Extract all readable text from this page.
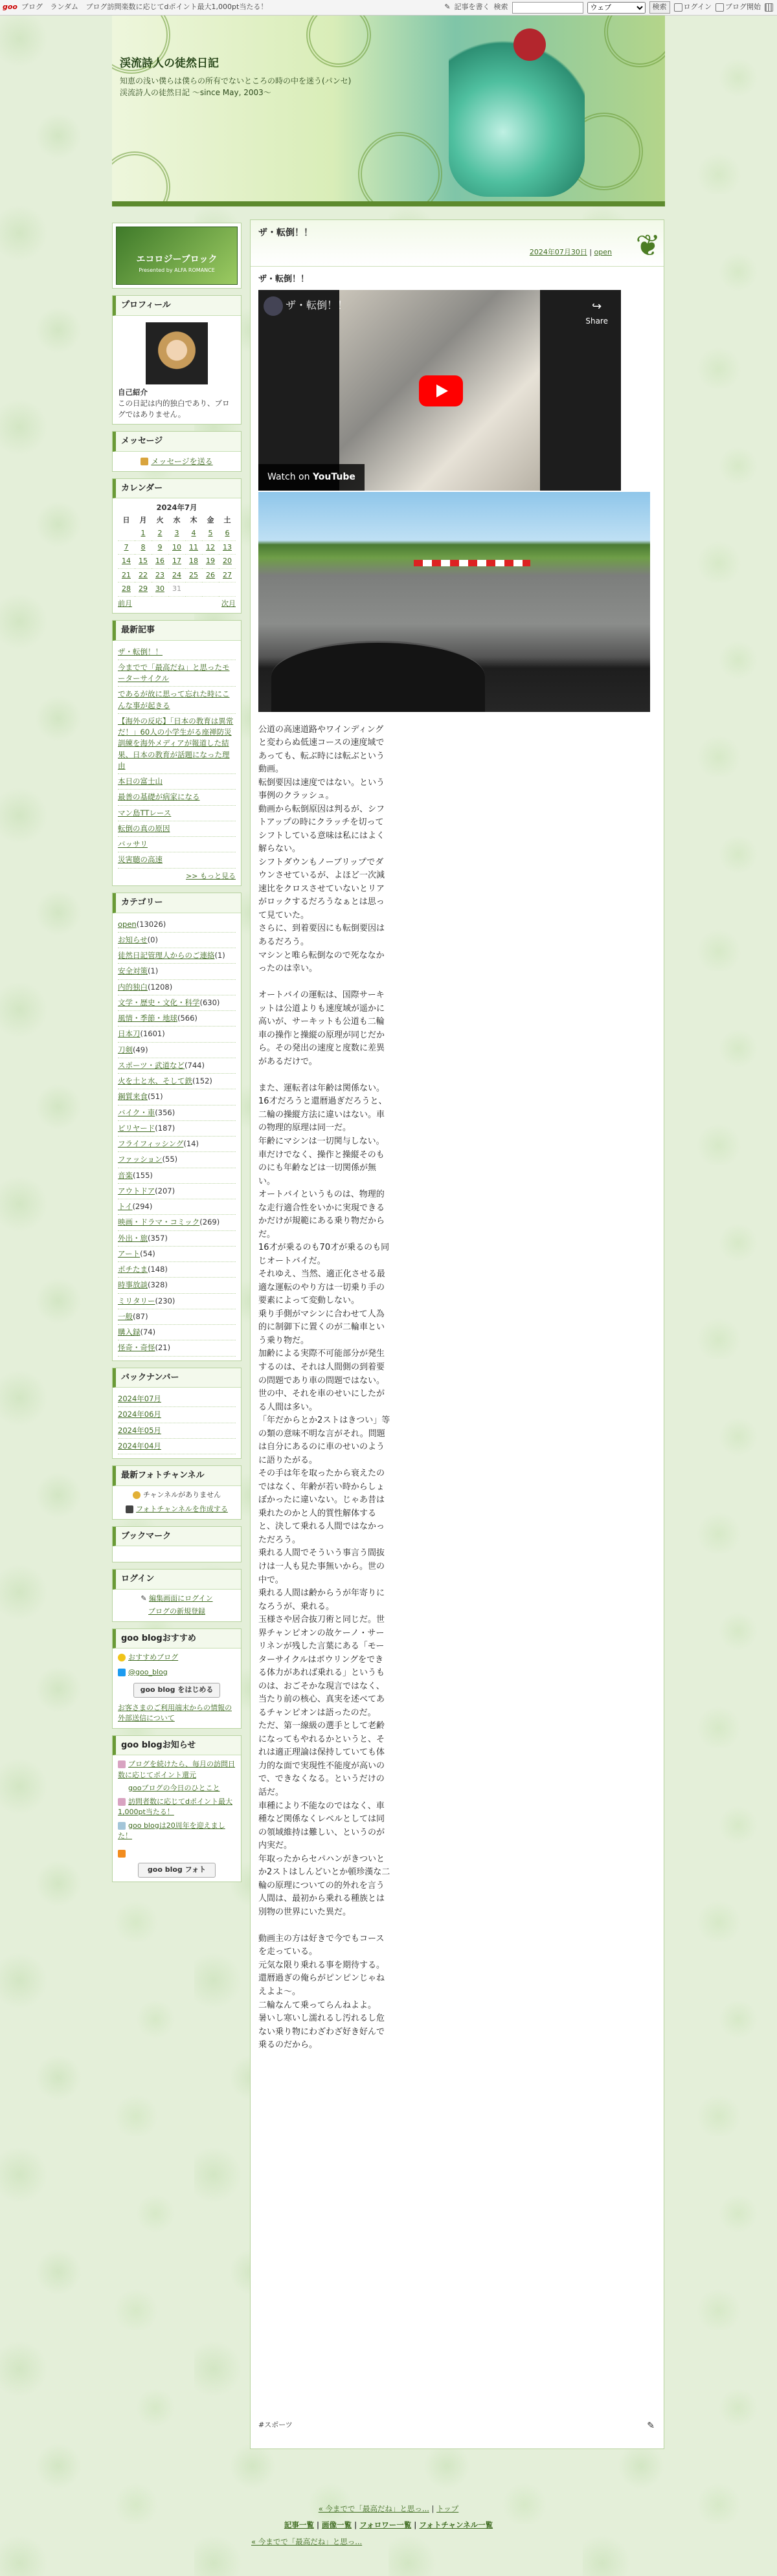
goo ブログ ランダム ブログ訪問楽数に応じてdポイント最大1,000pt当たる！	✎ 記事を書く 検索
ウェブ	検索	ログイン	ブログ開始
渓流詩人の徒然日記
知恵の浅い僕らは僕らの所有でないところの時の中を迷う(パンセ) 渓流詩人の徒然日記 〜since May, 2003〜
エコロジーブロック
Presented by ALFA ROMANCE
プロフィール
自己紹介
この日記は内的独白であり、ブログではありません。
メッセージ
メッセージを送る
カレンダー
2024年7月
日	月	火	水	木	金	土
	1	2	3	4	5	6
7	8	9	10	11	12	13
14	15	16	17	18	19	20
21	22	23	24	25	26	27
28	29	30	31			
前月	次月
最新記事
ザ・転倒！！
今までで「最高だね」と思ったモーターサイクル
であるが故に思って忘れた時にこんな事が起きる
【海外の反応】「日本の教育は異常だ！」60人の小学生がる座禅防災訓練を海外メディアが報道した結果、日本の教育が話題になった理由
本日の富士山
最善の基礎が病家になる
マン島TTレース
転倒の真の原因
バッサリ
災害聴の高速
>> もっと見る
カテゴリー
open(13026)
お知らせ(0)
徒然日記管理人からのご連絡(1)
安全対策(1)
内的独白(1208)
文学・歴史・文化・科学(630)
風情・季節・地球(566)
日本刀(1601)
刀剣(49)
スポーツ・武道など(744)
火を土と水、そして鉄(152)
鋼質来食(51)
バイク・車(356)
ビリヤード(187)
フライフィッシング(14)
ファッション(55)
音楽(155)
アウトドア(207)
トイ(294)
映画・ドラマ・コミック(269)
外出・旅(357)
アート(54)
ポチたま(148)
時事放談(328)
ミリタリー(230)
一般(87)
購入録(74)
怪奇・奇怪(21)
バックナンバー
2024年07月
2024年06月
2024年05月
2024年04月
最新フォトチャンネル
チャンネルがありません
フォトチャンネルを作成する
ブックマーク
ログイン
✎ 編集画面にログイン
ブログの新規登録
goo blogおすすめ
おすすめブログ
@goo_blog
goo blog をはじめる
お客さまのご利用端末からの情報の外部送信について
goo blogお知らせ
ブログを続けたら、毎月の訪問日数に応じてポイント還元
gooブログの今日のひとこと
訪問者数に応じてdポイント最大1,000pt当たる！
goo blogは20周年を迎えました！
goo blog フォト
ザ・転倒！！
2024年07月30日 | open ❦
ザ・転倒！！
ザ・転倒！！	↪
Share
Watch on YouTube
公道の高速道路やワインディングと変わらぬ低速コースの速度域であっても、転ぶ時には転ぶという動画。
転倒要因は速度ではない。という事例のクラッシュ。
動画から転倒原因は判るが、シフトアップの時にクラッチを切ってシフトしている意味は私にはよく解らない。
シフトダウンもノーブリップでダウンさせているが、よほど一次減速比をクロスさせていないとリアがロックするだろうなぁとは思って見ていた。
さらに、到着要因にも転倒要因はあるだろう。
マシンと唯ら転倒なので死ななかったのは幸い。

オートバイの運転は、国際サーキットは公道よりも速度域が遥かに高いが、サーキットも公道も二輪車の操作と操縦の原理が同じだから。その発出の速度と度数に差異があるだけで。

また、運転者は年齢は関係ない。
16才だろうと還暦過ぎだろうと、二輪の操縦方法に違いはない。車の物理的原理は同一だ。
年齢にマシンは一切関与しない。車だけでなく、操作と操縦そのものにも年齢などは一切関係が無い。
オートバイというものは、物理的な走行適合性をいかに実現できるかだけが規範にある乗り物だからだ。
16才が乗るのも70才が乗るのも同じオートバイだ。
それゆえ、当然、適正化させる最適な運転のやり方は一切乗り手の要素によって変動しない。
乗り手側がマシンに合わせて人為的に制御下に置くのが二輪車という乗り物だ。
加齢による実際不可能部分が発生するのは、それは人間側の到着要の問題であり車の問題ではない。
世の中、それを車のせいにしたがる人間は多い。
「年だからとか2ストはきつい」等の類の意味不明な言がそれ。問題は自分にあるのに車のせいのように語りたがる。
その手は年を取ったから衰えたのではなく、年齢が若い時からしょぼかったに違いない。じゃあ昔は乗れたのかと人的質性解体すると、決して乗れる人間ではなかっただろう。
乗れる人間でそういう事言う間抜けは一人も見た事無いから。世の中で。
乗れる人間は齢からうが年寄りになろうが、乗れる。
玉様さや居合抜刀術と同じだ。世界チャンピオンの故ケーノ・サーリネンが残した言葉にある「モーターサイクルはボウリングをできる体力があれば乗れる」というものは、おごそかな現言ではなく、当たり前の核心、真実を述べてあるチャンピオンは語ったのだ。
ただ、第一線級の選手として老齢になってもやれるかというと、それは適正理論は保持していても体力的な面で実現性不能度が高いので、できなくなる。というだけの話だ。
車種により不能なのではなく、車種など関係なくレベルとしては同の領域維持は難しい、というのが内実だ。
年取ったからセパハンがきついとか2ストはしんどいとか頓珍漢な二輪の原理についての的外れを言う人間は、最初から乗れる種族とは別物の世界にいた異だ。

動画主の方は好きで今でもコースを走っている。
元気な限り乗れる事を期待する。
還暦過ぎの俺らがピンピンじゃねえよよ〜。
二輪なんて乗ってらんねよよ。
暑いし寒いし濡れるし汚れるし危ない乗り物にわざわざ好き好んで乗るのだから。
#スポーツ	✎
« 今までで「最高だね」と思っ... | トップ
記事一覧 | 画像一覧 | フォロワー一覧 | フォトチャンネル一覧
« 今までで「最高だね」と思っ...
